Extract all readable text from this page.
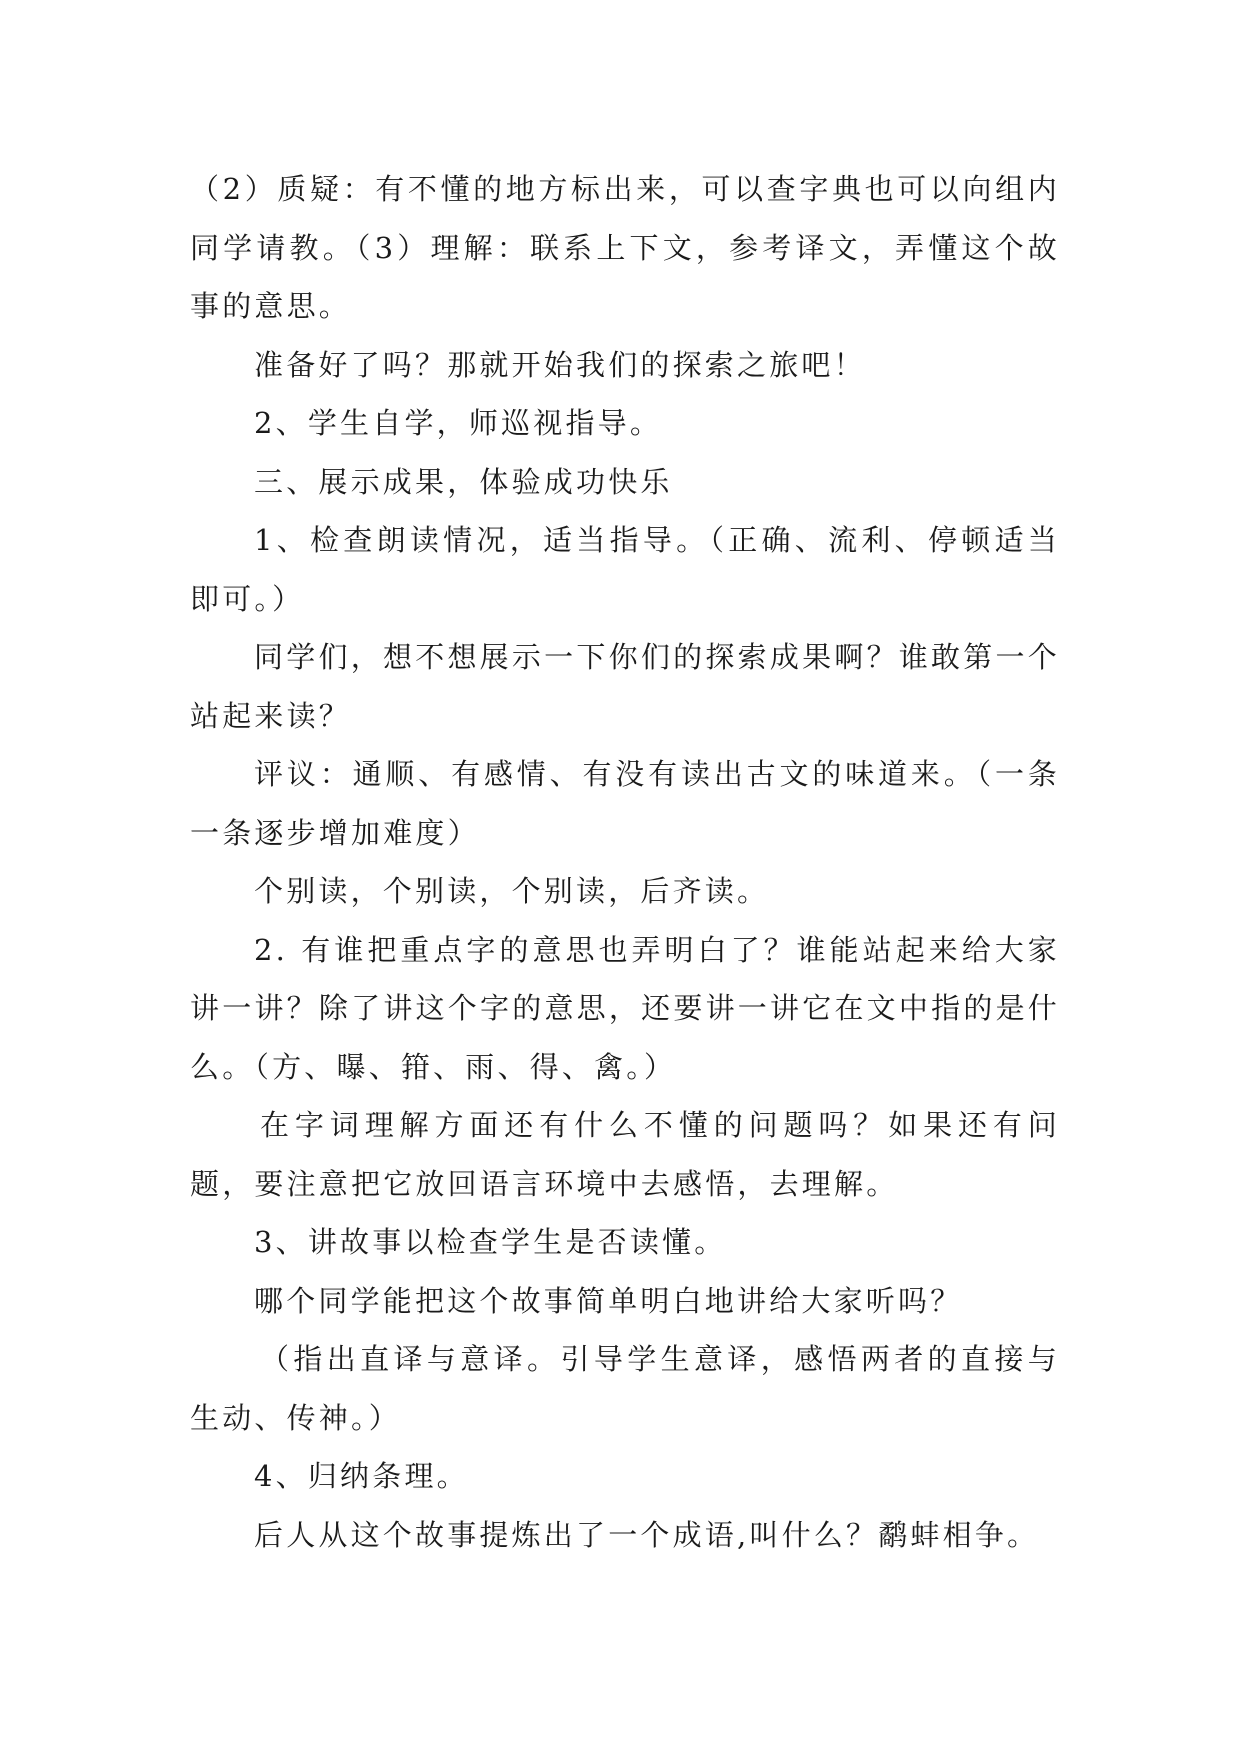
（2）质疑：有不懂的地方标出来，可以查字典也可以向组内同学请教。（3）理解：联系上下文，参考译文，弄懂这个故事的意思。

准备好了吗？那就开始我们的探索之旅吧！

2、学生自学，师巡视指导。

三、展示成果，体验成功快乐

1、检查朗读情况，适当指导。（正确、流利、停顿适当即可。）

同学们，想不想展示一下你们的探索成果啊？谁敢第一个站起来读？

评议：通顺、有感情、有没有读出古文的味道来。（一条一条逐步增加难度）

个别读，个别读，个别读，后齐读。

2. 有谁把重点字的意思也弄明白了？谁能站起来给大家讲一讲？除了讲这个字的意思，还要讲一讲它在文中指的是什么。（方、曝、箝、雨、得、禽。）

在字词理解方面还有什么不懂的问题吗？如果还有问题，要注意把它放回语言环境中去感悟，去理解。

3、讲故事以检查学生是否读懂。

哪个同学能把这个故事简单明白地讲给大家听吗？

（指出直译与意译。引导学生意译，感悟两者的直接与生动、传神。）

4、归纳条理。

后人从这个故事提炼出了一个成语,叫什么？鹬蚌相争。
